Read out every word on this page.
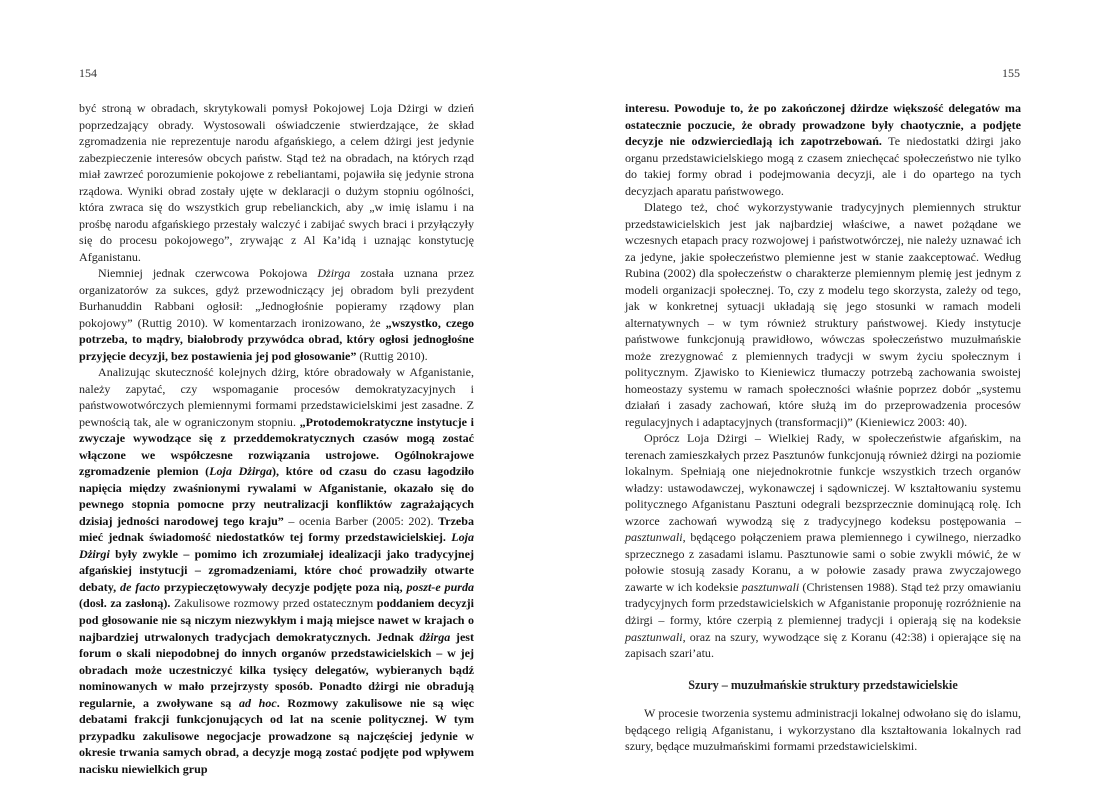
154	155

być stroną w obradach, skrytykowali pomysł Pokojowej Loja Dżirgi w dzień poprzedzający obrady. Wystosowali oświadczenie stwierdzające, że skład zgromadzenia nie reprezentuje narodu afgańskiego, a celem dżirgi jest jedynie zabezpieczenie interesów obcych państw. Stąd też na obradach, na których rząd miał zawrzeć porozumienie pokojowe z rebeliantami, pojawiła się jedynie strona rządowa. Wyniki obrad zostały ujęte w deklaracji o dużym stopniu ogólności, która zwraca się do wszystkich grup rebelianckich, aby „w imię islamu i na prośbę narodu afgańskiego przestały walczyć i zabijać swych braci i przyłączyły się do procesu pokojowego”, zrywając z Al Ka’idą i uznając konstytucję Afganistanu.

Niemniej jednak czerwcowa Pokojowa Dżirga została uznana przez organizatorów za sukces, gdyż przewodniczący jej obradom byli prezydent Burhanuddin Rabbani ogłosił: „Jednogłośnie popieramy rządowy plan pokojowy” (Ruttig 2010). W komentarzach ironizowano, że „wszystko, czego potrzeba, to mądry, białobrody przywódca obrad, który ogłosi jednogłośne przyjęcie decyzji, bez postawienia jej pod głosowanie” (Ruttig 2010).

Analizując skuteczność kolejnych dżirg, które obradowały w Afganistanie, należy zapytać, czy wspomaganie procesów demokratyzacyjnych i państwowotwórczych plemiennymi formami przedstawicielskimi jest zasadne. Z pewnością tak, ale w ograniczonym stopniu. „Protodemokratyczne instytucje i zwyczaje wywodzące się z przeddemokratycznych czasów mogą zostać włączone we współczesne rozwiązania ustrojowe. Ogólnokrajowe zgromadzenie plemion (Loja Dżirga), które od czasu do czasu łagodziło napięcia między zwaśnionymi rywalami w Afganistanie, okazało się do pewnego stopnia pomocne przy neutralizacji konfliktów zagrażających dzisiaj jedności narodowej tego kraju” – ocenia Barber (2005: 202). Trzeba mieć jednak świadomość niedostatków tej formy przedstawicielskiej. Loja Dżirgi były zwykle – pomimo ich zrozumiałej idealizacji jako tradycyjnej afgańskiej instytucji – zgromadzeniami, które choć prowadziły otwarte debaty, de facto przypieczętowywały decyzje podjęte poza nią, poszt-e purda (dosł. za zasłoną). Zakulisowe rozmowy przed ostatecznym poddaniem decyzji pod głosowanie nie są niczym niezwykłym i mają miejsce nawet w krajach o najbardziej utrwalonych tradycjach demokratycznych. Jednak dżirga jest forum o skali niepodobnej do innych organów przedstawicielskich – w jej obradach może uczestniczyć kilka tysięcy delegatów, wybieranych bądź nominowanych w mało przejrzysty sposób. Ponadto dżirgi nie obradują regularnie, a zwoływane są ad hoc. Rozmowy zakulisowe nie są więc debatami frakcji funkcjonujących od lat na scenie politycznej. W tym przypadku zakulisowe negocjacje prowadzone są najczęściej jedynie w okresie trwania samych obrad, a decyzje mogą zostać podjęte pod wpływem nacisku niewielkich grup

interesu. Powoduje to, że po zakończonej dżirdze większość delegatów ma ostatecznie poczucie, że obrady prowadzone były chaotycznie, a podjęte decyzje nie odzwierciedlają ich zapotrzebowań. Te niedostatki dżirgi jako organu przedstawicielskiego mogą z czasem zniechęcać społeczeństwo nie tylko do takiej formy obrad i podejmowania decyzji, ale i do opartego na tych decyzjach aparatu państwowego.

Dlatego też, choć wykorzystywanie tradycyjnych plemiennych struktur przedstawicielskich jest jak najbardziej właściwe, a nawet pożądane we wczesnych etapach pracy rozwojowej i państwotwórczej, nie należy uznawać ich za jedyne, jakie społeczeństwo plemienne jest w stanie zaakceptować. Według Rubina (2002) dla społeczeństw o charakterze plemiennym plemię jest jednym z modeli organizacji społecznej. To, czy z modelu tego skorzysta, zależy od tego, jak w konkretnej sytuacji układają się jego stosunki w ramach modeli alternatywnych – w tym również struktury państwowej. Kiedy instytucje państwowe funkcjonują prawidłowo, wówczas społeczeństwo muzułmańskie może zrezygnować z plemiennych tradycji w swym życiu społecznym i politycznym. Zjawisko to Kieniewicz tłumaczy potrzebą zachowania swoistej homeostazy systemu w ramach społeczności właśnie poprzez dobór „systemu działań i zasady zachowań, które służą im do przeprowadzenia procesów regulacyjnych i adaptacyjnych (transformacji)” (Kieniewicz 2003: 40).

Oprócz Loja Dżirgi – Wielkiej Rady, w społeczeństwie afgańskim, na terenach zamieszkałych przez Pasztunów funkcjonują również dżirgi na poziomie lokalnym. Spełniają one niejednokrotnie funkcje wszystkich trzech organów władzy: ustawodawczej, wykonawczej i sądowniczej. W kształtowaniu systemu politycznego Afganistanu Pasztuni odegrali bezsprzecznie dominującą rolę. Ich wzorce zachowań wywodzą się z tradycyjnego kodeksu postępowania – pasztunwali, będącego połączeniem prawa plemiennego i cywilnego, nierzadko sprzecznego z zasadami islamu. Pasztunowie sami o sobie zwykli mówić, że w połowie stosują zasady Koranu, a w połowie zasady prawa zwyczajowego zawarte w ich kodeksie pasztunwali (Christensen 1988). Stąd też przy omawianiu tradycyjnych form przedstawicielskich w Afganistanie proponuję rozróżnienie na dżirgi – formy, które czerpią z plemiennej tradycji i opierają się na kodeksie pasztunwali, oraz na szury, wywodzące się z Koranu (42:38) i opierające się na zapisach szari’atu.

Szury – muzułmańskie struktury przedstawicielskie

W procesie tworzenia systemu administracji lokalnej odwołano się do islamu, będącego religią Afganistanu, i wykorzystano dla kształtowania lokalnych rad szury, będące muzułmańskimi formami przedstawicielskimi.
